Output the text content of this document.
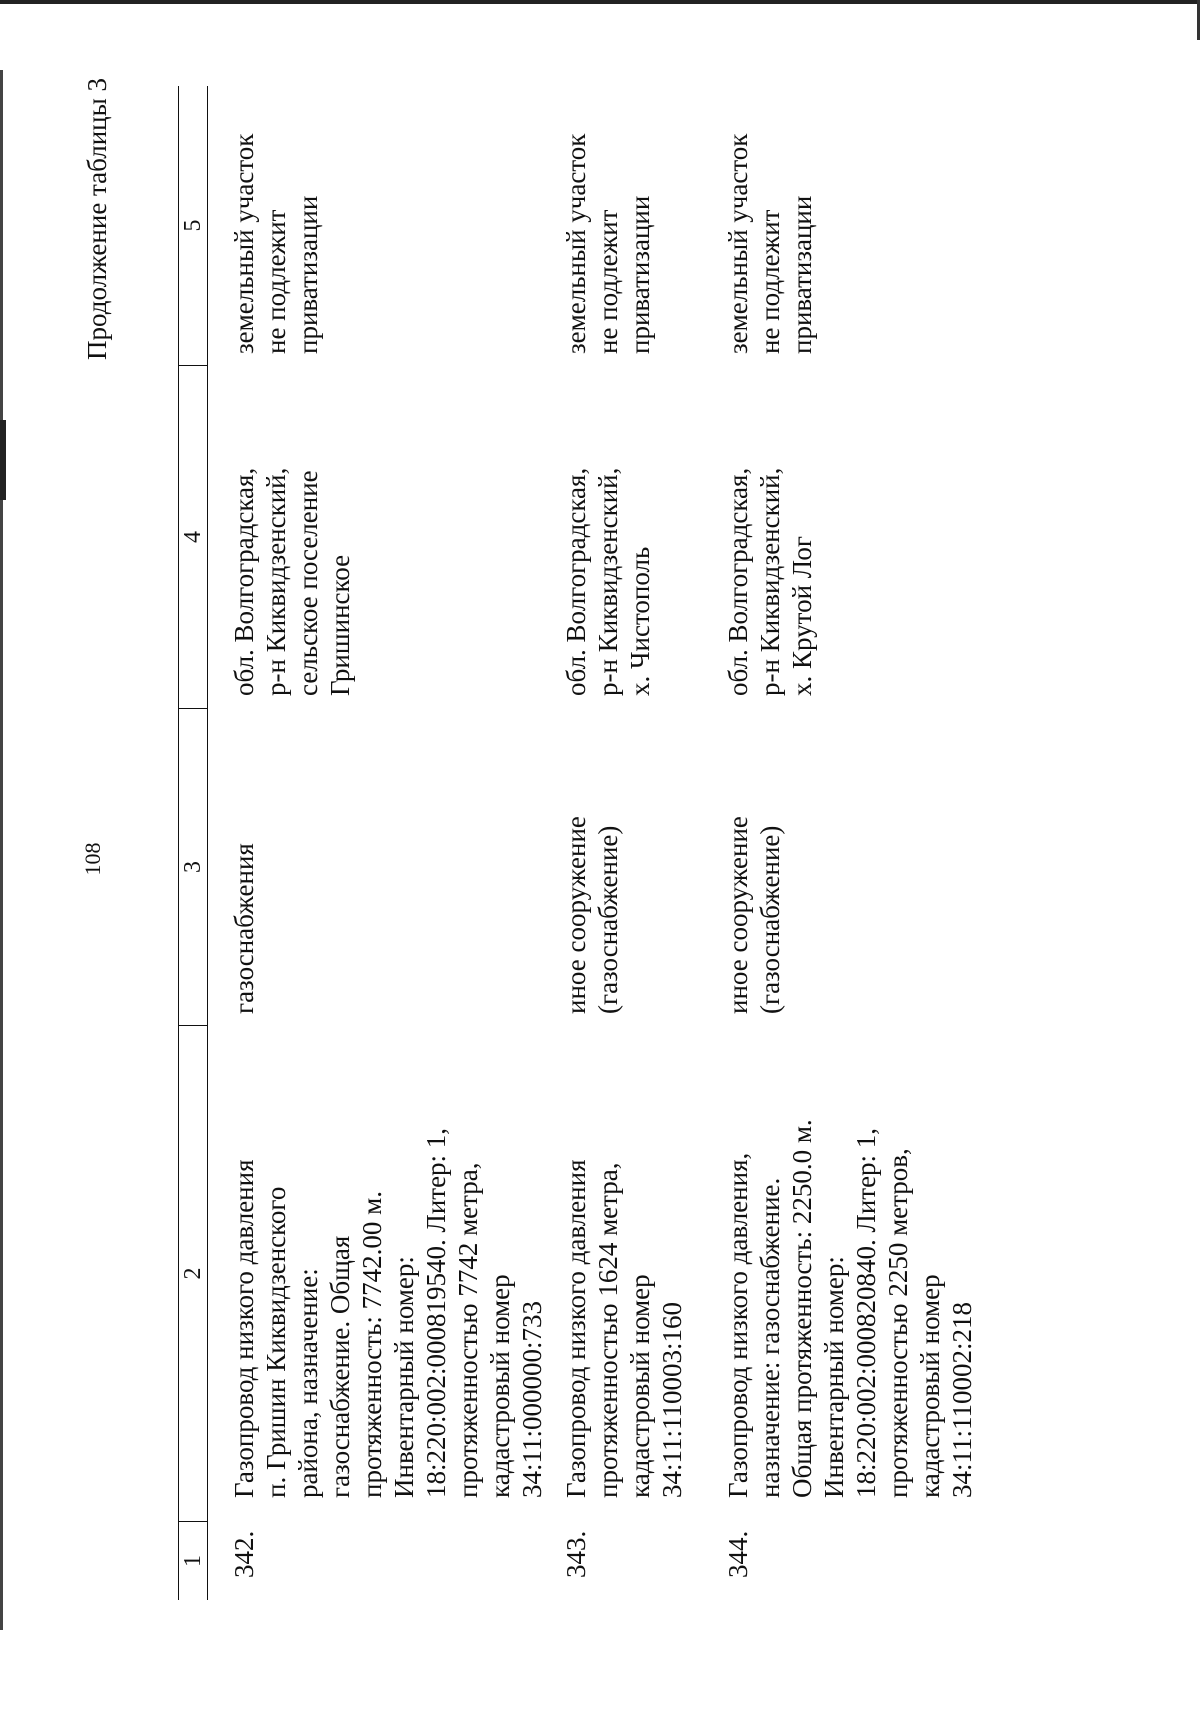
108
Продолжение таблицы 3
1
2
3
4
5
342.
Газопровод низкого давления
п. Гришин Киквидзенского
района, назначение:
газоснабжение. Общая
протяженность: 7742.00 м.
Инвентарный номер:
18:220:002:000819540. Литер: 1,
протяженностью 7742 метра,
кадастровый номер
34:11:000000:733
газоснабжения
обл. Волгоградская,
р-н Киквидзенский,
сельское поселение
Гришинское
земельный участок
не подлежит приватизации
343.
Газопровод низкого давления
протяженностью 1624 метра,
кадастровый номер
34:11:110003:160
иное сооружение
(газоснабжение)
обл. Волгоградская,
р-н Киквидзенский,
х. Чистополь
земельный участок
не подлежит приватизации
344.
Газопровод низкого давления,
назначение: газоснабжение.
Общая протяженность: 2250.0 м.
Инвентарный номер:
18:220:002:000820840. Литер: 1,
протяженностью 2250 метров,
кадастровый номер
34:11:110002:218
иное сооружение
(газоснабжение)
обл. Волгоградская,
р-н Киквидзенский,
х. Крутой Лог
земельный участок
не подлежит приватизации
